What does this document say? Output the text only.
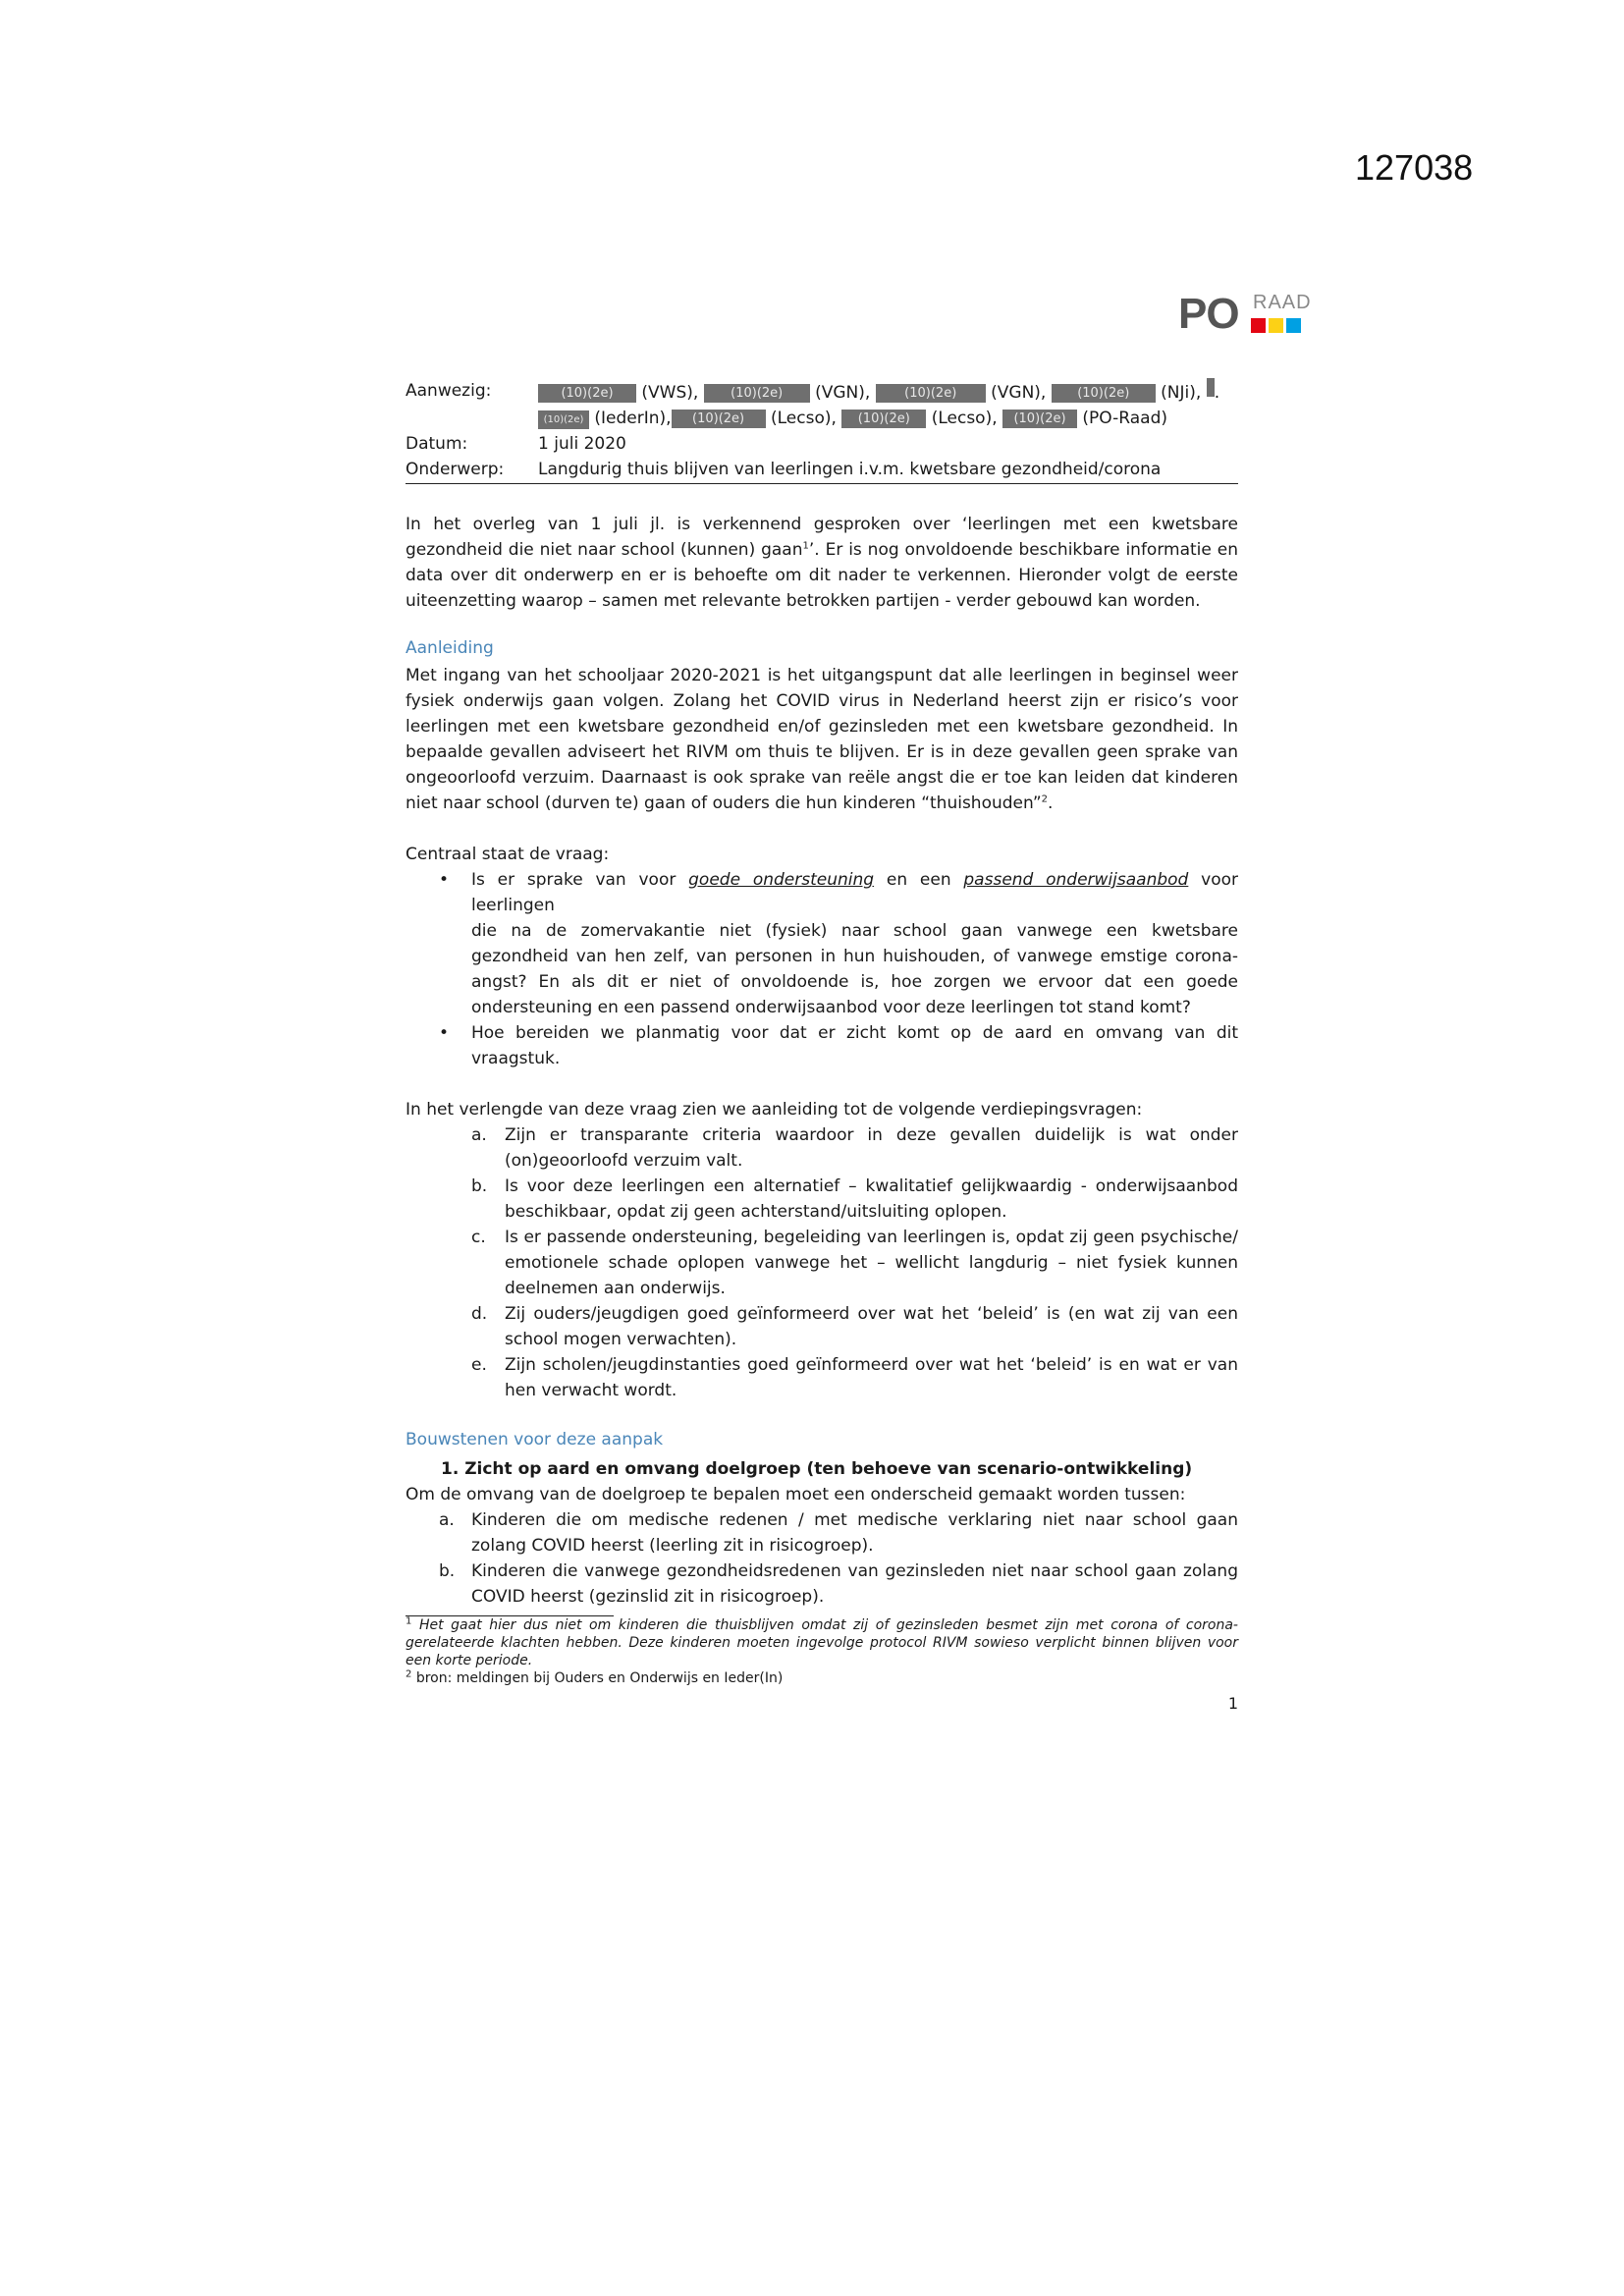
127038
PO RAAD
Aanwezig:	(10)(2e) (VWS),	(10)(2e) (VGN),	(10)(2e) (VGN), (10)(2e) (NJi), .
(10)(2e) (IederIn), (10)(2e) (Lecso), (10)(2e) (Lecso), (10)(2e) (PO-Raad)
Datum:	1 juli 2020
Onderwerp:	Langdurig thuis blijven van leerlingen i.v.m. kwetsbare gezondheid/corona

In het overleg van 1 juli jl. is verkennend gesproken over ‘leerlingen met een kwetsbare gezondheid die niet naar school (kunnen) gaan$^1$’. Er is nog onvoldoende beschikbare informatie en data over dit onderwerp en er is behoefte om dit nader te verkennen. Hieronder volgt de eerste uiteenzetting waarop – samen met relevante betrokken partijen - verder gebouwd kan worden.

Aanleiding

Met ingang van het schooljaar 2020-2021 is het uitgangspunt dat alle leerlingen in beginsel weer fysiek onderwijs gaan volgen. Zolang het COVID virus in Nederland heerst zijn er risico’s voor leerlingen met een kwetsbare gezondheid en/of gezinsleden met een kwetsbare gezondheid. In bepaalde gevallen adviseert het RIVM om thuis te blijven. Er is in deze gevallen geen sprake van ongeoorloofd verzuim. Daarnaast is ook sprake van reële angst die er toe kan leiden dat kinderen niet naar school (durven te) gaan of ouders die hun kinderen “thuishouden”$^2$.

Centraal staat de vraag:

• Is er sprake van voor goede ondersteuning en een passend onderwijsaanbod voor leerlingen
die na de zomervakantie niet (fysiek) naar school gaan vanwege een kwetsbare gezondheid van hen zelf, van personen in hun huishouden, of vanwege emstige corona-angst? En als dit er niet of onvoldoende is, hoe zorgen we ervoor dat een goede ondersteuning en een passend onderwijsaanbod voor deze leerlingen tot stand komt?
• Hoe bereiden we planmatig voor dat er zicht komt op de aard en omvang van dit vraagstuk.

In het verlengde van deze vraag zien we aanleiding tot de volgende verdiepingsvragen:

a. Zijn er transparante criteria waardoor in deze gevallen duidelijk is wat onder (on)geoorloofd verzuim valt.
b. Is voor deze leerlingen een alternatief – kwalitatief gelijkwaardig - onderwijsaanbod beschikbaar, opdat zij geen achterstand/uitsluiting oplopen.
c. Is er passende ondersteuning, begeleiding van leerlingen is, opdat zij geen psychische/ emotionele schade oplopen vanwege het – wellicht langdurig – niet fysiek kunnen deelnemen aan onderwijs.
d. Zij ouders/jeugdigen goed geïnformeerd over wat het ‘beleid’ is (en wat zij van een school mogen verwachten).
e. Zijn scholen/jeugdinstanties goed geïnformeerd over wat het ‘beleid’ is en wat er van hen verwacht wordt.
Bouwstenen voor deze aanpak

1. Zicht op aard en omvang doelgroep (ten behoeve van scenario-ontwikkeling)

Om de omvang van de doelgroep te bepalen moet een onderscheid gemaakt worden tussen:

a. Kinderen die om medische redenen / met medische verklaring niet naar school gaan zolang COVID heerst (leerling zit in risicogroep).
b. Kinderen die vanwege gezondheidsredenen van gezinsleden niet naar school gaan zolang COVID heerst (gezinslid zit in risicogroep).

$^1$ Het gaat hier dus niet om kinderen die thuisblijven omdat zij of gezinsleden besmet zijn met corona of corona-gerelateerde klachten hebben. Deze kinderen moeten ingevolge protocol RIVM sowieso verplicht binnen blijven voor een korte periode.

$^2$ bron: meldingen bij Ouders en Onderwijs en Ieder(In)

1
